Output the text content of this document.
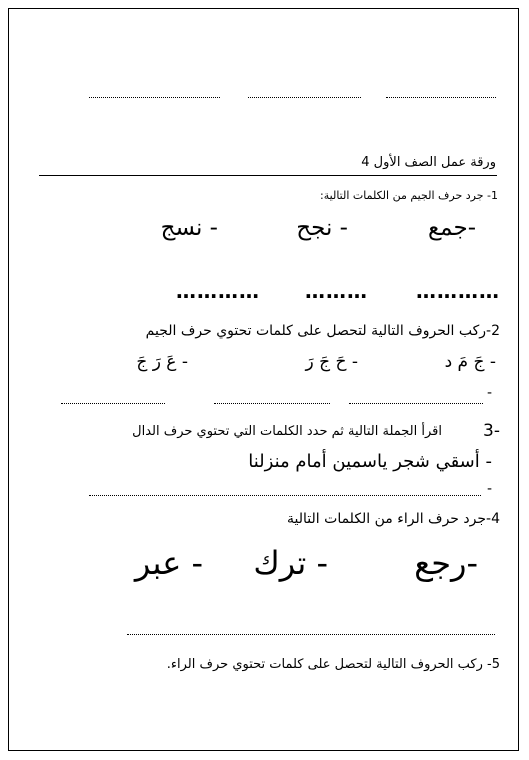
ورقة عمل الصف الأول 4
1- جرد حرف الجيم من الكلمات التالية:
-جمع
- نجح
- نسج
…………
………
…………
2-ركب الحروف التالية لتحصل على كلمات تحتوي حرف الجيم
- جَ مَ د
- حَ جَ رَ
- عَ رَ جَ
-
3-
اقرأ الجملة التالية ثم حدد الكلمات التي تحتوي حرف الدال
- أسقي شجر ياسمين أمام منزلنا
-
4-جرد حرف الراء من الكلمات التالية
-رجع
- ترك
- عبر
5- ركب الحروف التالية لتحصل على كلمات تحتوي حرف الراء.
